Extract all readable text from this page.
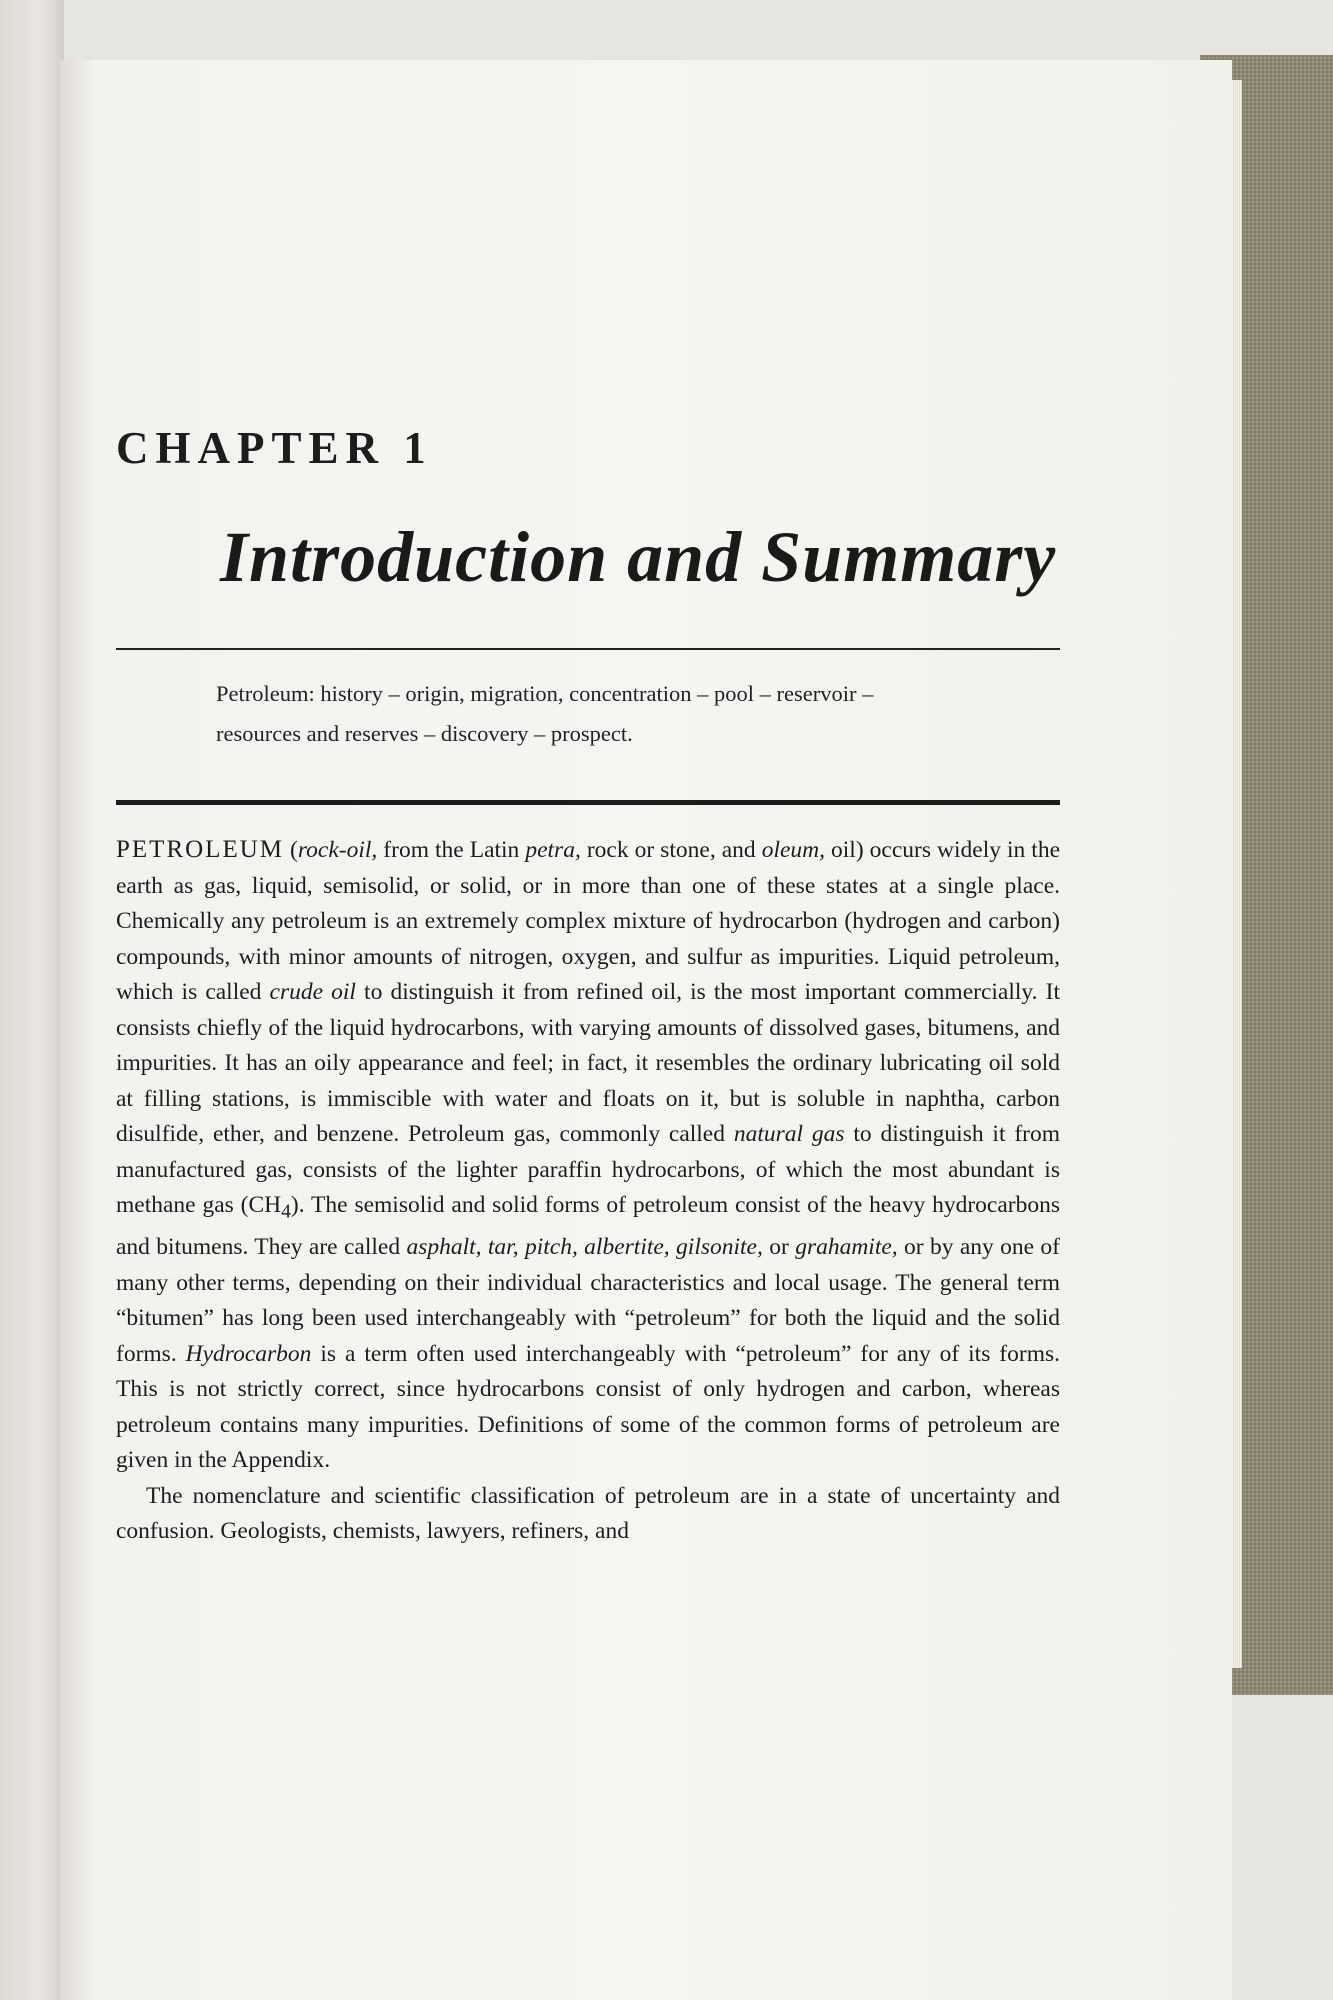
CHAPTER 1
Introduction and Summary
Petroleum: history – origin, migration, concentration – pool – reservoir –
resources and reserves – discovery – prospect.

PETROLEUM (rock-oil, from the Latin petra, rock or stone, and oleum, oil) occurs widely in the earth as gas, liquid, semisolid, or solid, or in more than one of these states at a single place. Chemically any petroleum is an extremely complex mixture of hydrocarbon (hydrogen and carbon) compounds, with minor amounts of nitrogen, oxygen, and sulfur as impurities. Liquid petroleum, which is called crude oil to distinguish it from refined oil, is the most important commercially. It consists chiefly of the liquid hydrocarbons, with varying amounts of dissolved gases, bitumens, and impurities. It has an oily appearance and feel; in fact, it resembles the ordinary lubricating oil sold at filling stations, is immiscible with water and floats on it, but is soluble in naphtha, carbon disulfide, ether, and benzene. Petroleum gas, commonly called natural gas to distinguish it from manufactured gas, consists of the lighter paraffin hydrocarbons, of which the most abundant is methane gas $(CH_4)$. The semisolid and solid forms of petroleum consist of the heavy hydrocarbons and bitumens. They are called asphalt, tar, pitch, albertite, gilsonite, or grahamite, or by any one of many other terms, depending on their individual characteristics and local usage. The general term “bitumen” has long been used interchangeably with “petroleum” for both the liquid and the solid forms. Hydrocarbon is a term often used interchangeably with “petroleum” for any of its forms. This is not strictly correct, since hydrocarbons consist of only hydrogen and carbon, whereas petroleum contains many impurities. Definitions of some of the common forms of petroleum are given in the Appendix.

The nomenclature and scientific classification of petroleum are in a state of uncertainty and confusion. Geologists, chemists, lawyers, refiners, and
